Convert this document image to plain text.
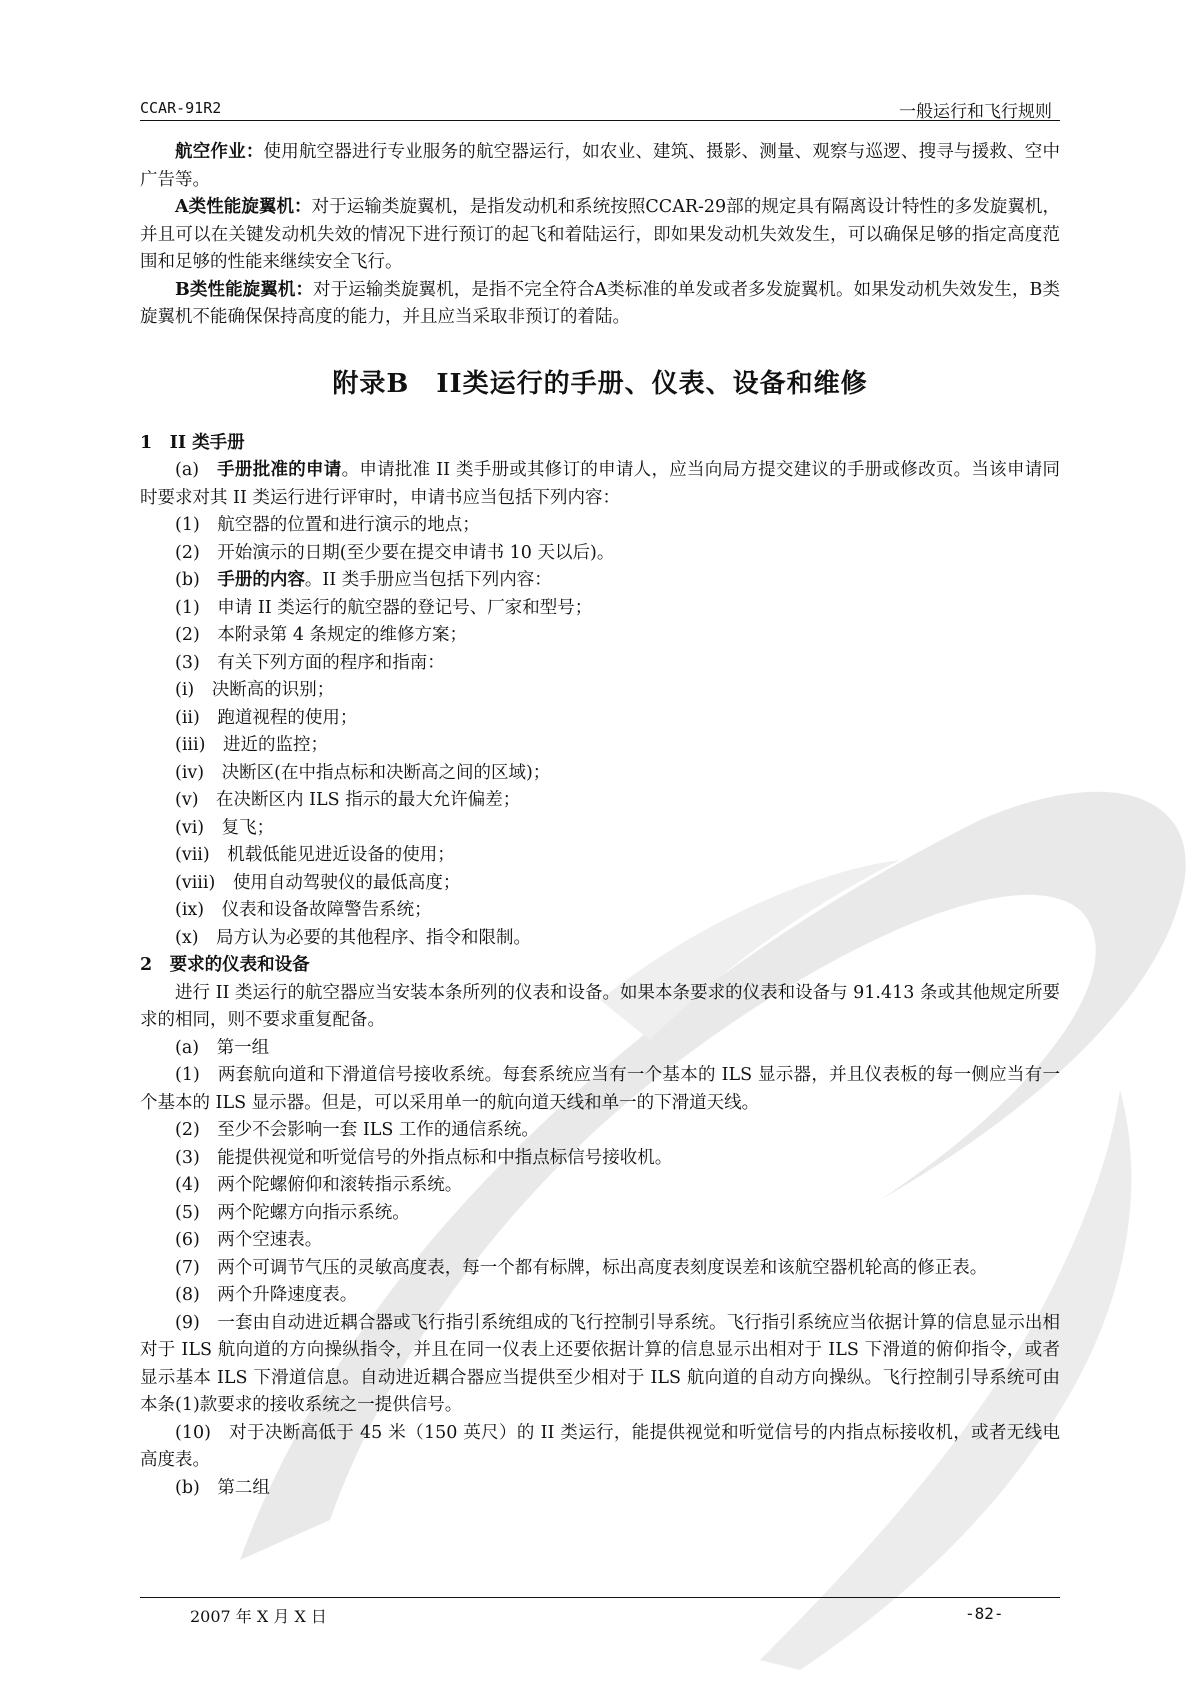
CCAR-91R2	一般运行和飞行规则

航空作业：使用航空器进行专业服务的航空器运行，如农业、建筑、摄影、测量、观察与巡逻、搜寻与援救、空中广告等。

A类性能旋翼机：对于运输类旋翼机，是指发动机和系统按照CCAR-29部的规定具有隔离设计特性的多发旋翼机，并且可以在关键发动机失效的情况下进行预订的起飞和着陆运行，即如果发动机失效发生，可以确保足够的指定高度范围和足够的性能来继续安全飞行。

B类性能旋翼机：对于运输类旋翼机，是指不完全符合A类标准的单发或者多发旋翼机。如果发动机失效发生，B类旋翼机不能确保保持高度的能力，并且应当采取非预订的着陆。

附录B　II类运行的手册、仪表、设备和维修

1　II 类手册

(a)　手册批准的申请。申请批准 II 类手册或其修订的申请人，应当向局方提交建议的手册或修改页。当该申请同时要求对其 II 类运行进行评审时，申请书应当包括下列内容：

(1)　航空器的位置和进行演示的地点；

(2)　开始演示的日期(至少要在提交申请书 10 天以后)。

(b)　手册的内容。II 类手册应当包括下列内容：

(1)　申请 II 类运行的航空器的登记号、厂家和型号；

(2)　本附录第 4 条规定的维修方案；

(3)　有关下列方面的程序和指南：

(i)　决断高的识别；

(ii)　跑道视程的使用；

(iii)　进近的监控；

(iv)　决断区(在中指点标和决断高之间的区域)；

(v)　在决断区内 ILS 指示的最大允许偏差；

(vi)　复飞；

(vii)　机载低能见进近设备的使用；

(viii)　使用自动驾驶仪的最低高度；

(ix)　仪表和设备故障警告系统；

(x)　局方认为必要的其他程序、指令和限制。

2　要求的仪表和设备

进行 II 类运行的航空器应当安装本条所列的仪表和设备。如果本条要求的仪表和设备与 91.413 条或其他规定所要求的相同，则不要求重复配备。

(a)　第一组

(1)　两套航向道和下滑道信号接收系统。每套系统应当有一个基本的 ILS 显示器，并且仪表板的每一侧应当有一个基本的 ILS 显示器。但是，可以采用单一的航向道天线和单一的下滑道天线。

(2)　至少不会影响一套 ILS 工作的通信系统。

(3)　能提供视觉和听觉信号的外指点标和中指点标信号接收机。

(4)　两个陀螺俯仰和滚转指示系统。

(5)　两个陀螺方向指示系统。

(6)　两个空速表。

(7)　两个可调节气压的灵敏高度表，每一个都有标牌，标出高度表刻度误差和该航空器机轮高的修正表。

(8)　两个升降速度表。

(9)　一套由自动进近耦合器或飞行指引系统组成的飞行控制引导系统。飞行指引系统应当依据计算的信息显示出相对于 ILS 航向道的方向操纵指令，并且在同一仪表上还要依据计算的信息显示出相对于 ILS 下滑道的俯仰指令，或者显示基本 ILS 下滑道信息。自动进近耦合器应当提供至少相对于 ILS 航向道的自动方向操纵。飞行控制引导系统可由本条(1)款要求的接收系统之一提供信号。

(10)　对于决断高低于 45 米（150 英尺）的 II 类运行，能提供视觉和听觉信号的内指点标接收机，或者无线电高度表。

(b)　第二组

2007 年 X 月 X 日	-82-
